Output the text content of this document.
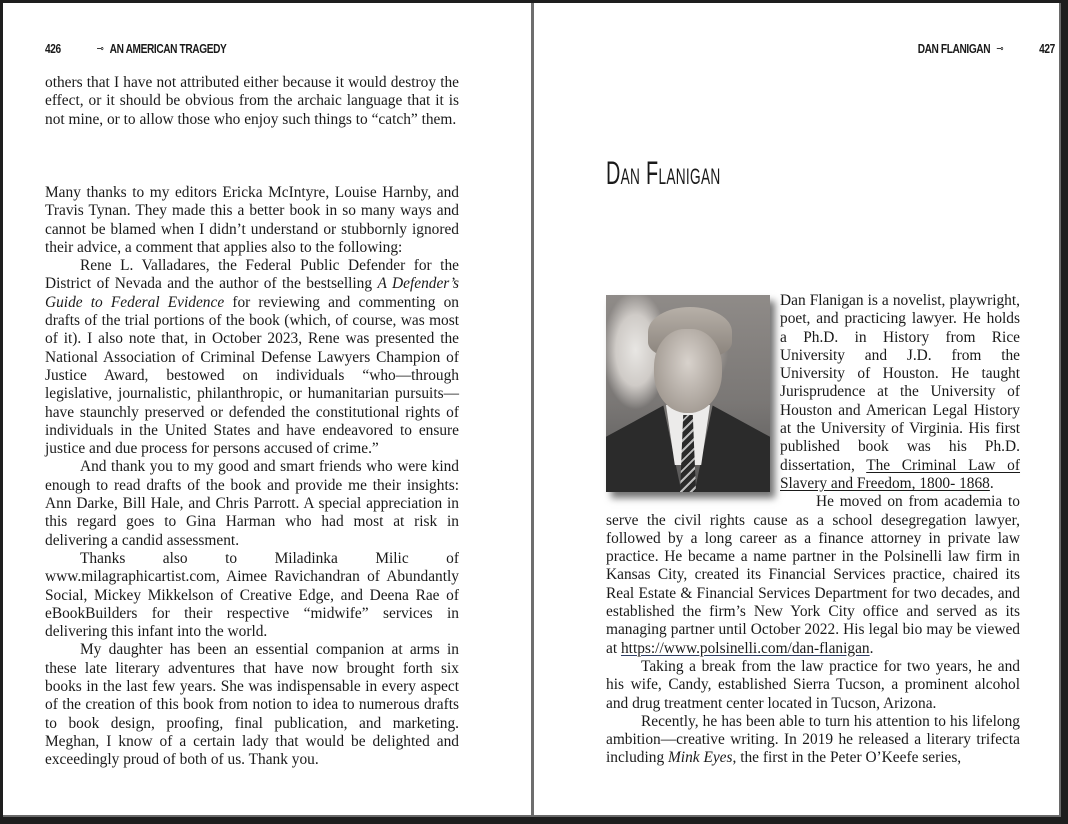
426	⊸ AN AMERICAN TRAGEDY

others that I have not attributed either because it would destroy the effect, or it should be obvious from the archaic language that it is not mine, or to allow those who enjoy such things to “catch” them.

Many thanks to my editors Ericka McIntyre, Louise Harnby, and Travis Tynan. They made this a better book in so many ways and cannot be blamed when I didn’t understand or stubbornly ignored their advice, a comment that applies also to the following:

Rene L. Valladares, the Federal Public Defender for the District of Nevada and the author of the bestselling A Defender’s Guide to Federal Evidence for reviewing and commenting on drafts of the trial portions of the book (which, of course, was most of it). I also note that, in October 2023, Rene was presented the National Association of Criminal Defense Lawyers Champion of Justice Award, bestowed on individuals “who—through legislative, journalistic, philanthropic, or humanitarian pursuits—have staunchly preserved or defended the constitutional rights of individuals in the United States and have endeavored to ensure justice and due process for persons accused of crime.”

And thank you to my good and smart friends who were kind enough to read drafts of the book and provide me their insights: Ann Darke, Bill Hale, and Chris Parrott. A special appreciation in this regard goes to Gina Harman who had most at risk in delivering a candid assessment.

Thanks also to Miladinka Milic of www.milagraphicartist.com, Aimee Ravichandran of Abundantly Social, Mickey Mikkelson of Creative Edge, and Deena Rae of eBookBuilders for their respective “midwife” services in delivering this infant into the world.

My daughter has been an essential companion at arms in these late literary adventures that have now brought forth six books in the last few years. She was indispensable in every aspect of the creation of this book from notion to idea to numerous drafts to book design, proofing, final publication, and marketing. Meghan, I know of a certain lady that would be delighted and exceedingly proud of both of us. Thank you.

DAN FLANIGAN ⊸	427
Dan Flanigan

Dan Flanigan is a novelist, playwright, poet, and practicing lawyer. He holds a Ph.D. in History from Rice University and J.D. from the University of Houston. He taught Jurisprudence at the University of Houston and American Legal History at the University of Virginia. His first published book was his Ph.D. dissertation, The Criminal Law of Slavery and Freedom, 1800- 1868.

He moved on from academia to serve the civil rights cause as a school desegregation lawyer, followed by a long career as a finance attorney in private law practice. He became a name partner in the Polsinelli law firm in Kansas City, created its Financial Services practice, chaired its Real Estate & Financial Services Department for two decades, and established the firm’s New York City office and served as its managing partner until October 2022. His legal bio may be viewed at https://www.polsinelli.com/dan-flanigan.

Taking a break from the law practice for two years, he and his wife, Candy, established Sierra Tucson, a prominent alcohol and drug treatment center located in Tucson, Arizona.

Recently, he has been able to turn his attention to his lifelong ambition—creative writing. In 2019 he released a literary trifecta including Mink Eyes, the first in the Peter O’Keefe series,
